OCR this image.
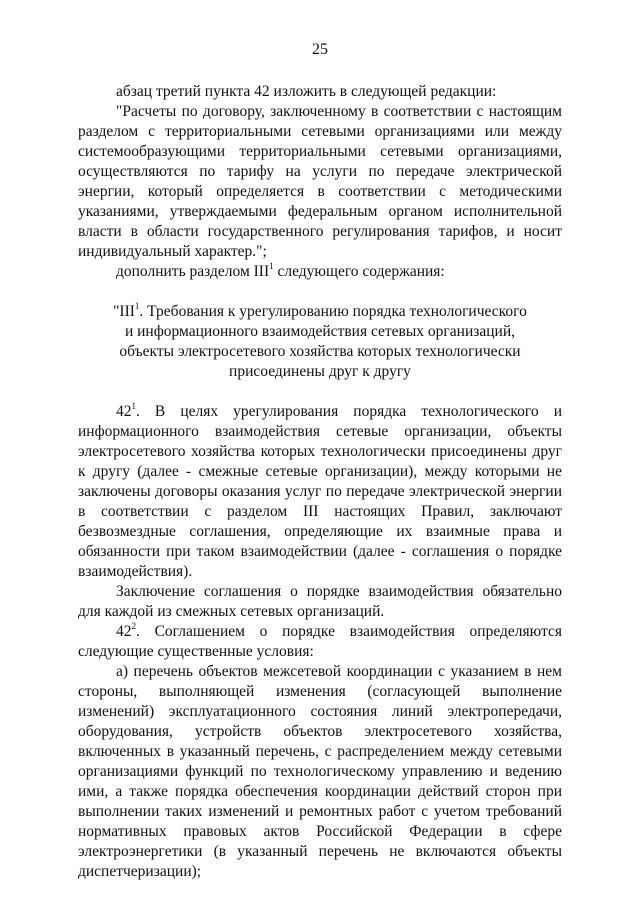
25

абзац третий пункта 42 изложить в следующей редакции:

"Расчеты по договору, заключенному в соответствии с настоящим разделом с территориальными сетевыми организациями или между системообразующими территориальными сетевыми организациями, осуществляются по тарифу на услуги по передаче электрической энергии, который определяется в соответствии с методическими указаниями, утверждаемыми федеральным органом исполнительной власти в области государственного регулирования тарифов, и носит индивидуальный характер.";

дополнить разделом III$^1$ следующего содержания:

"III$^1$. Требования к урегулированию порядка технологического
и информационного взаимодействия сетевых организаций,
объекты электросетевого хозяйства которых технологически
присоединены друг к другу

$42^1$. В целях урегулирования порядка технологического и информационного взаимодействия сетевые организации, объекты электросетевого хозяйства которых технологически присоединены друг к другу (далее - смежные сетевые организации), между которыми не заключены договоры оказания услуг по передаче электрической энергии в соответствии с разделом III настоящих Правил, заключают безвозмездные соглашения, определяющие их взаимные права и обязанности при таком взаимодействии (далее - соглашения о порядке взаимодействия).

Заключение соглашения о порядке взаимодействия обязательно для каждой из смежных сетевых организаций.

$42^2$. Соглашением о порядке взаимодействия определяются следующие существенные условия:

а) перечень объектов межсетевой координации с указанием в нем стороны, выполняющей изменения (согласующей выполнение изменений) эксплуатационного состояния линий электропередачи, оборудования, устройств объектов электросетевого хозяйства, включенных в указанный перечень, с распределением между сетевыми организациями функций по технологическому управлению и ведению ими, а также порядка обеспечения координации действий сторон при выполнении таких изменений и ремонтных работ с учетом требований нормативных правовых актов Российской Федерации в сфере электроэнергетики (в указанный перечень не включаются объекты диспетчеризации);
